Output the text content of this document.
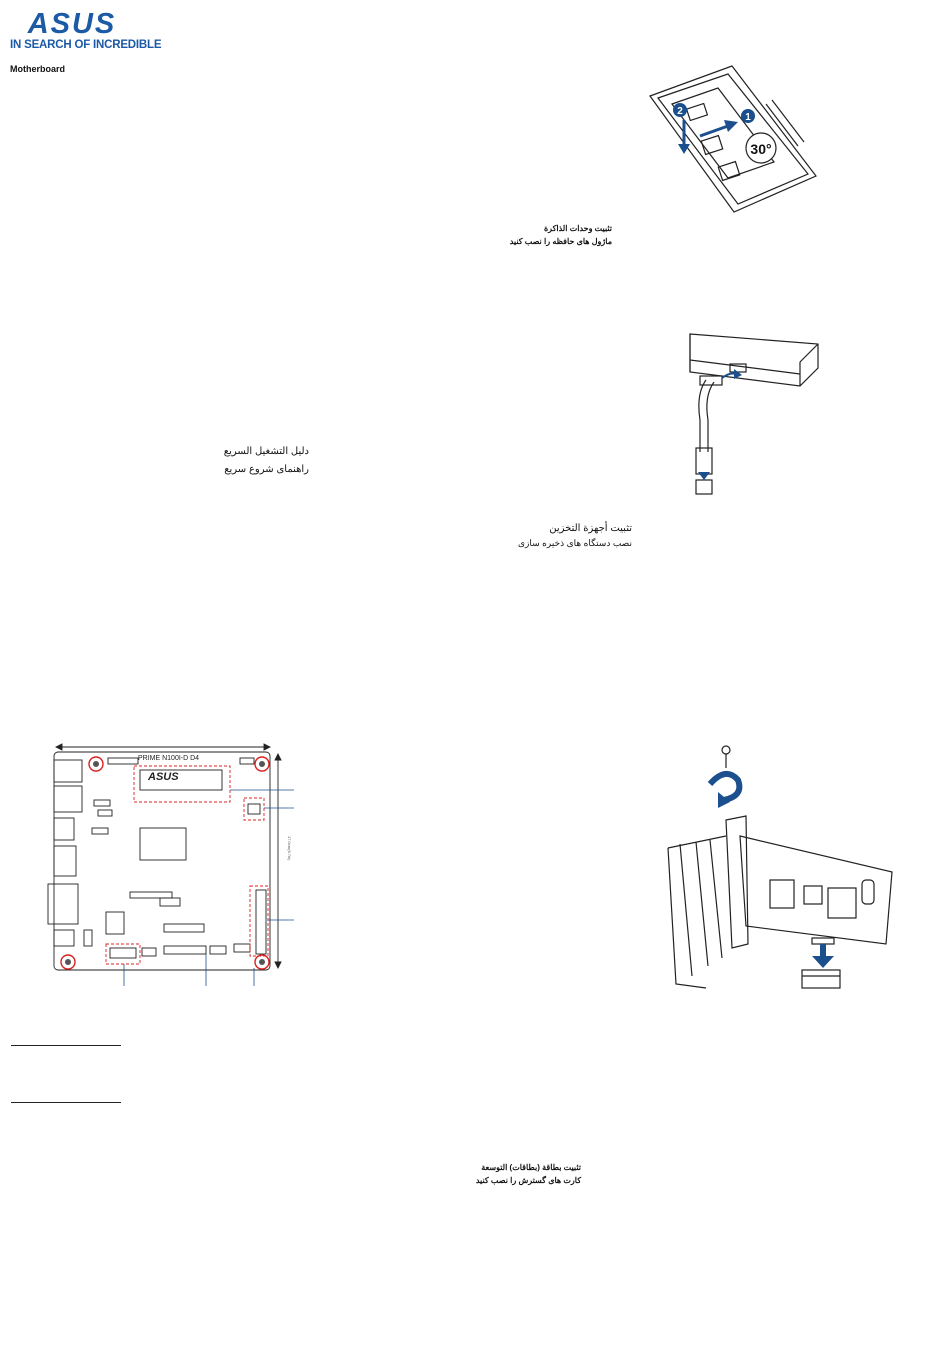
ASUS
IN SEARCH OF INCREDIBLE
Motherboard
2
1
30°
تثبيت وحدات الذاكرة
ماژول های حافظه را نصب کنيد
تثبيت أجهزة التخزين
نصب دستگاه های ذخيره سازی
دليل التشغيل السريع
راهنمای شروع سريع
PRIME N100I-D D4
ASUS
17.0cm(6.7in)
تثبيت بطاقة (بطاقات) التوسعة
کارت های گسترش را نصب کنيد
